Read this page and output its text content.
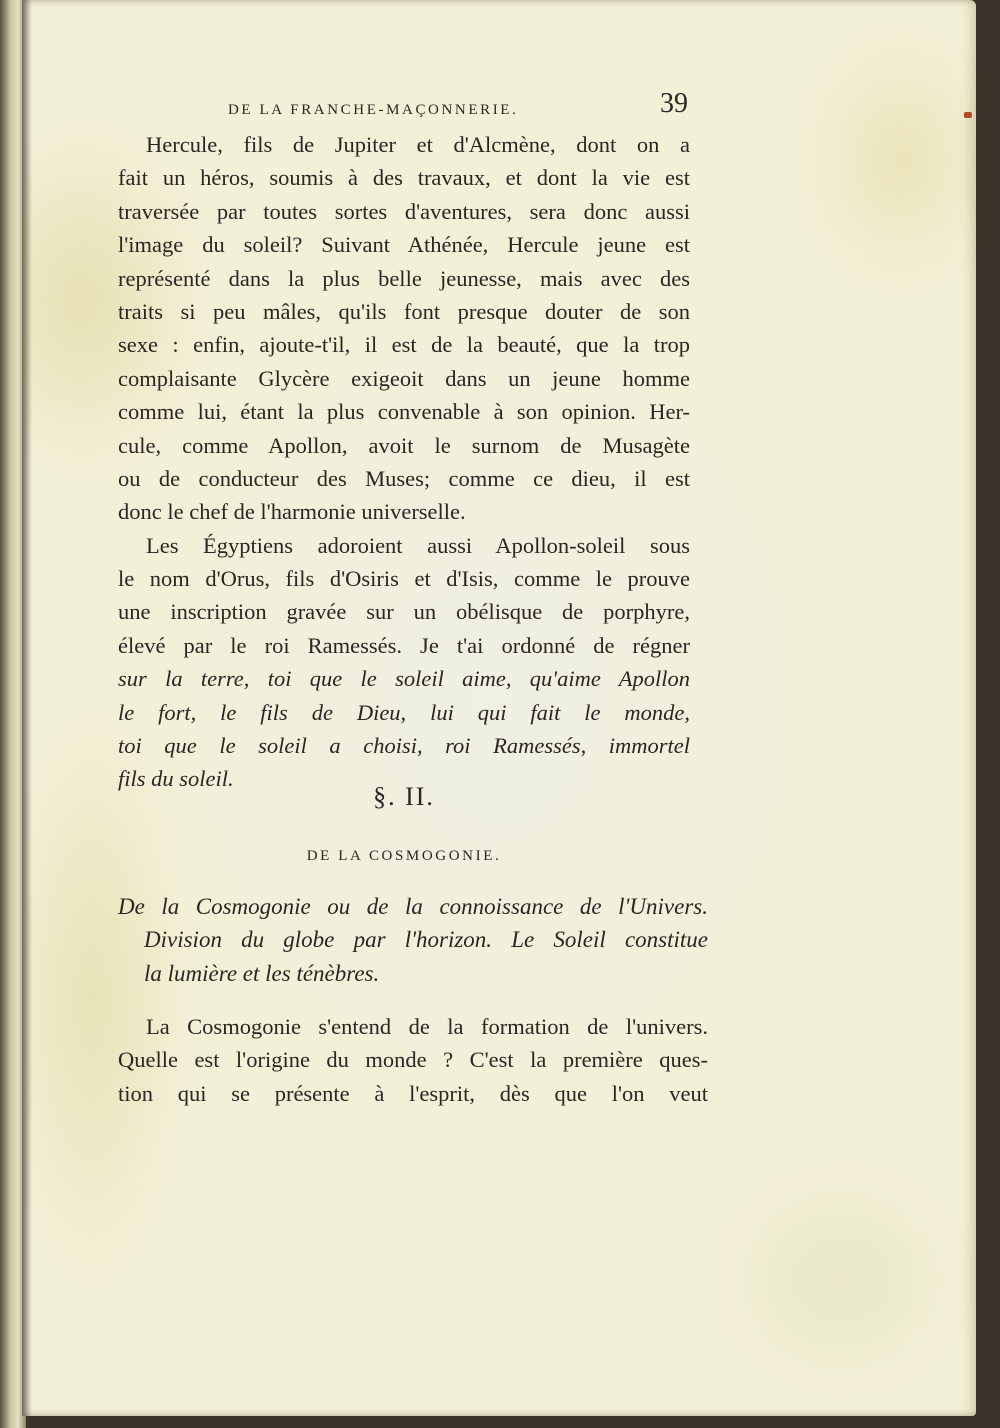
DE LA FRANCHE-MAÇONNERIE.	39
Hercule, fils de Jupiter et d'Alcmène, dont on a
fait un héros, soumis à des travaux, et dont la vie est
traversée par toutes sortes d'aventures, sera donc aussi
l'image du soleil? Suivant Athénée, Hercule jeune est
représenté dans la plus belle jeunesse, mais avec des
traits si peu mâles, qu'ils font presque douter de son
sexe : enfin, ajoute-t'il, il est de la beauté, que la trop
complaisante Glycère exigeoit dans un jeune homme
comme lui, étant la plus convenable à son opinion. Her-
cule, comme Apollon, avoit le surnom de Musagète
ou de conducteur des Muses; comme ce dieu, il est
donc le chef de l'harmonie universelle.
Les Égyptiens adoroient aussi Apollon-soleil sous
le nom d'Orus, fils d'Osiris et d'Isis, comme le prouve
une inscription gravée sur un obélisque de porphyre,
élevé par le roi Ramessés. Je t'ai ordonné de régner
sur la terre, toi que le soleil aime, qu'aime Apollon
le fort, le fils de Dieu, lui qui fait le monde,
toi que le soleil a choisi, roi Ramessés, immortel
fils du soleil.
§. II.
DE LA COSMOGONIE.
De la Cosmogonie ou de la connoissance de l'Univers.
Division du globe par l'horizon. Le Soleil constitue
la lumière et les ténèbres.
La Cosmogonie s'entend de la formation de l'univers.
Quelle est l'origine du monde ? C'est la première ques-
tion qui se présente à l'esprit, dès que l'on veut
